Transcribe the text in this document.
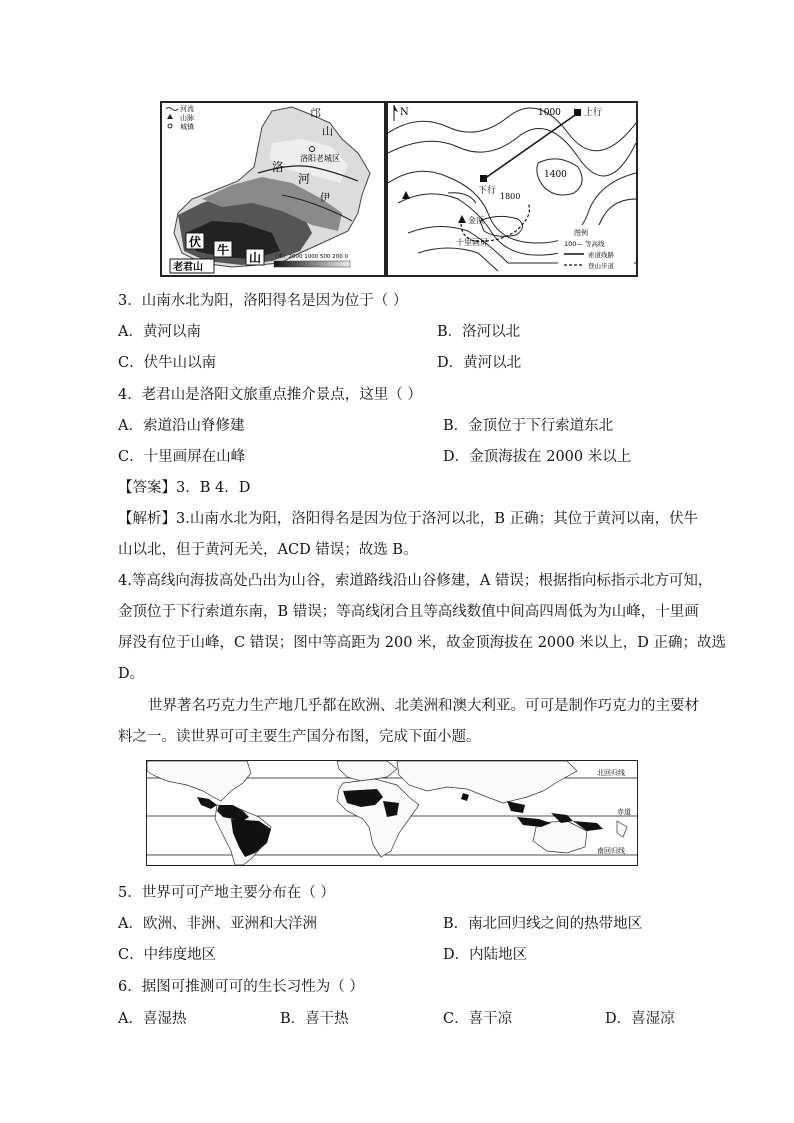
河流
山脉
城镇
邙
山
洛阳老城区
洛
河
伊
伏
牛
山
老君山
（米）2000 1000 500 200 0
N	1000	上行
1400
下行
1800
金顶
十里画屏
图例
100— 等高线
索道线路
登山步道
3．山南水北为阳，洛阳得名是因为位于（ ）
A．黄河以南	B．洛河以北
C．伏牛山以南	D．黄河以北
4．老君山是洛阳文旅重点推介景点，这里（ ）
A．索道沿山脊修建	B．金顶位于下行索道东北
C．十里画屏在山峰	D．金顶海拔在 2000 米以上
【答案】3．B 4．D
【解析】3.山南水北为阳，洛阳得名是因为位于洛河以北，B 正确；其位于黄河以南，伏牛
山以北，但于黄河无关，ACD 错误；故选 B。
4.等高线向海拔高处凸出为山谷，索道路线沿山谷修建，A 错误；根据指向标指示北方可知，
金顶位于下行索道东南，B 错误；等高线闭合且等高线数值中间高四周低为为山峰，十里画
屏没有位于山峰，C 错误；图中等高距为 200 米，故金顶海拔在 2000 米以上，D 正确；故选
D。
世界著名巧克力生产地几乎都在欧洲、北美洲和澳大利亚。可可是制作巧克力的主要材
料之一。读世界可可主要生产国分布图，完成下面小题。
北回归线
赤道
南回归线
5．世界可可产地主要分布在（ ）
A．欧洲、非洲、亚洲和大洋洲	B．南北回归线之间的热带地区
C．中纬度地区	D．内陆地区
6．据图可推测可可的生长习性为（ ）
A．喜湿热	B．喜干热	C．喜干凉	D．喜湿凉
